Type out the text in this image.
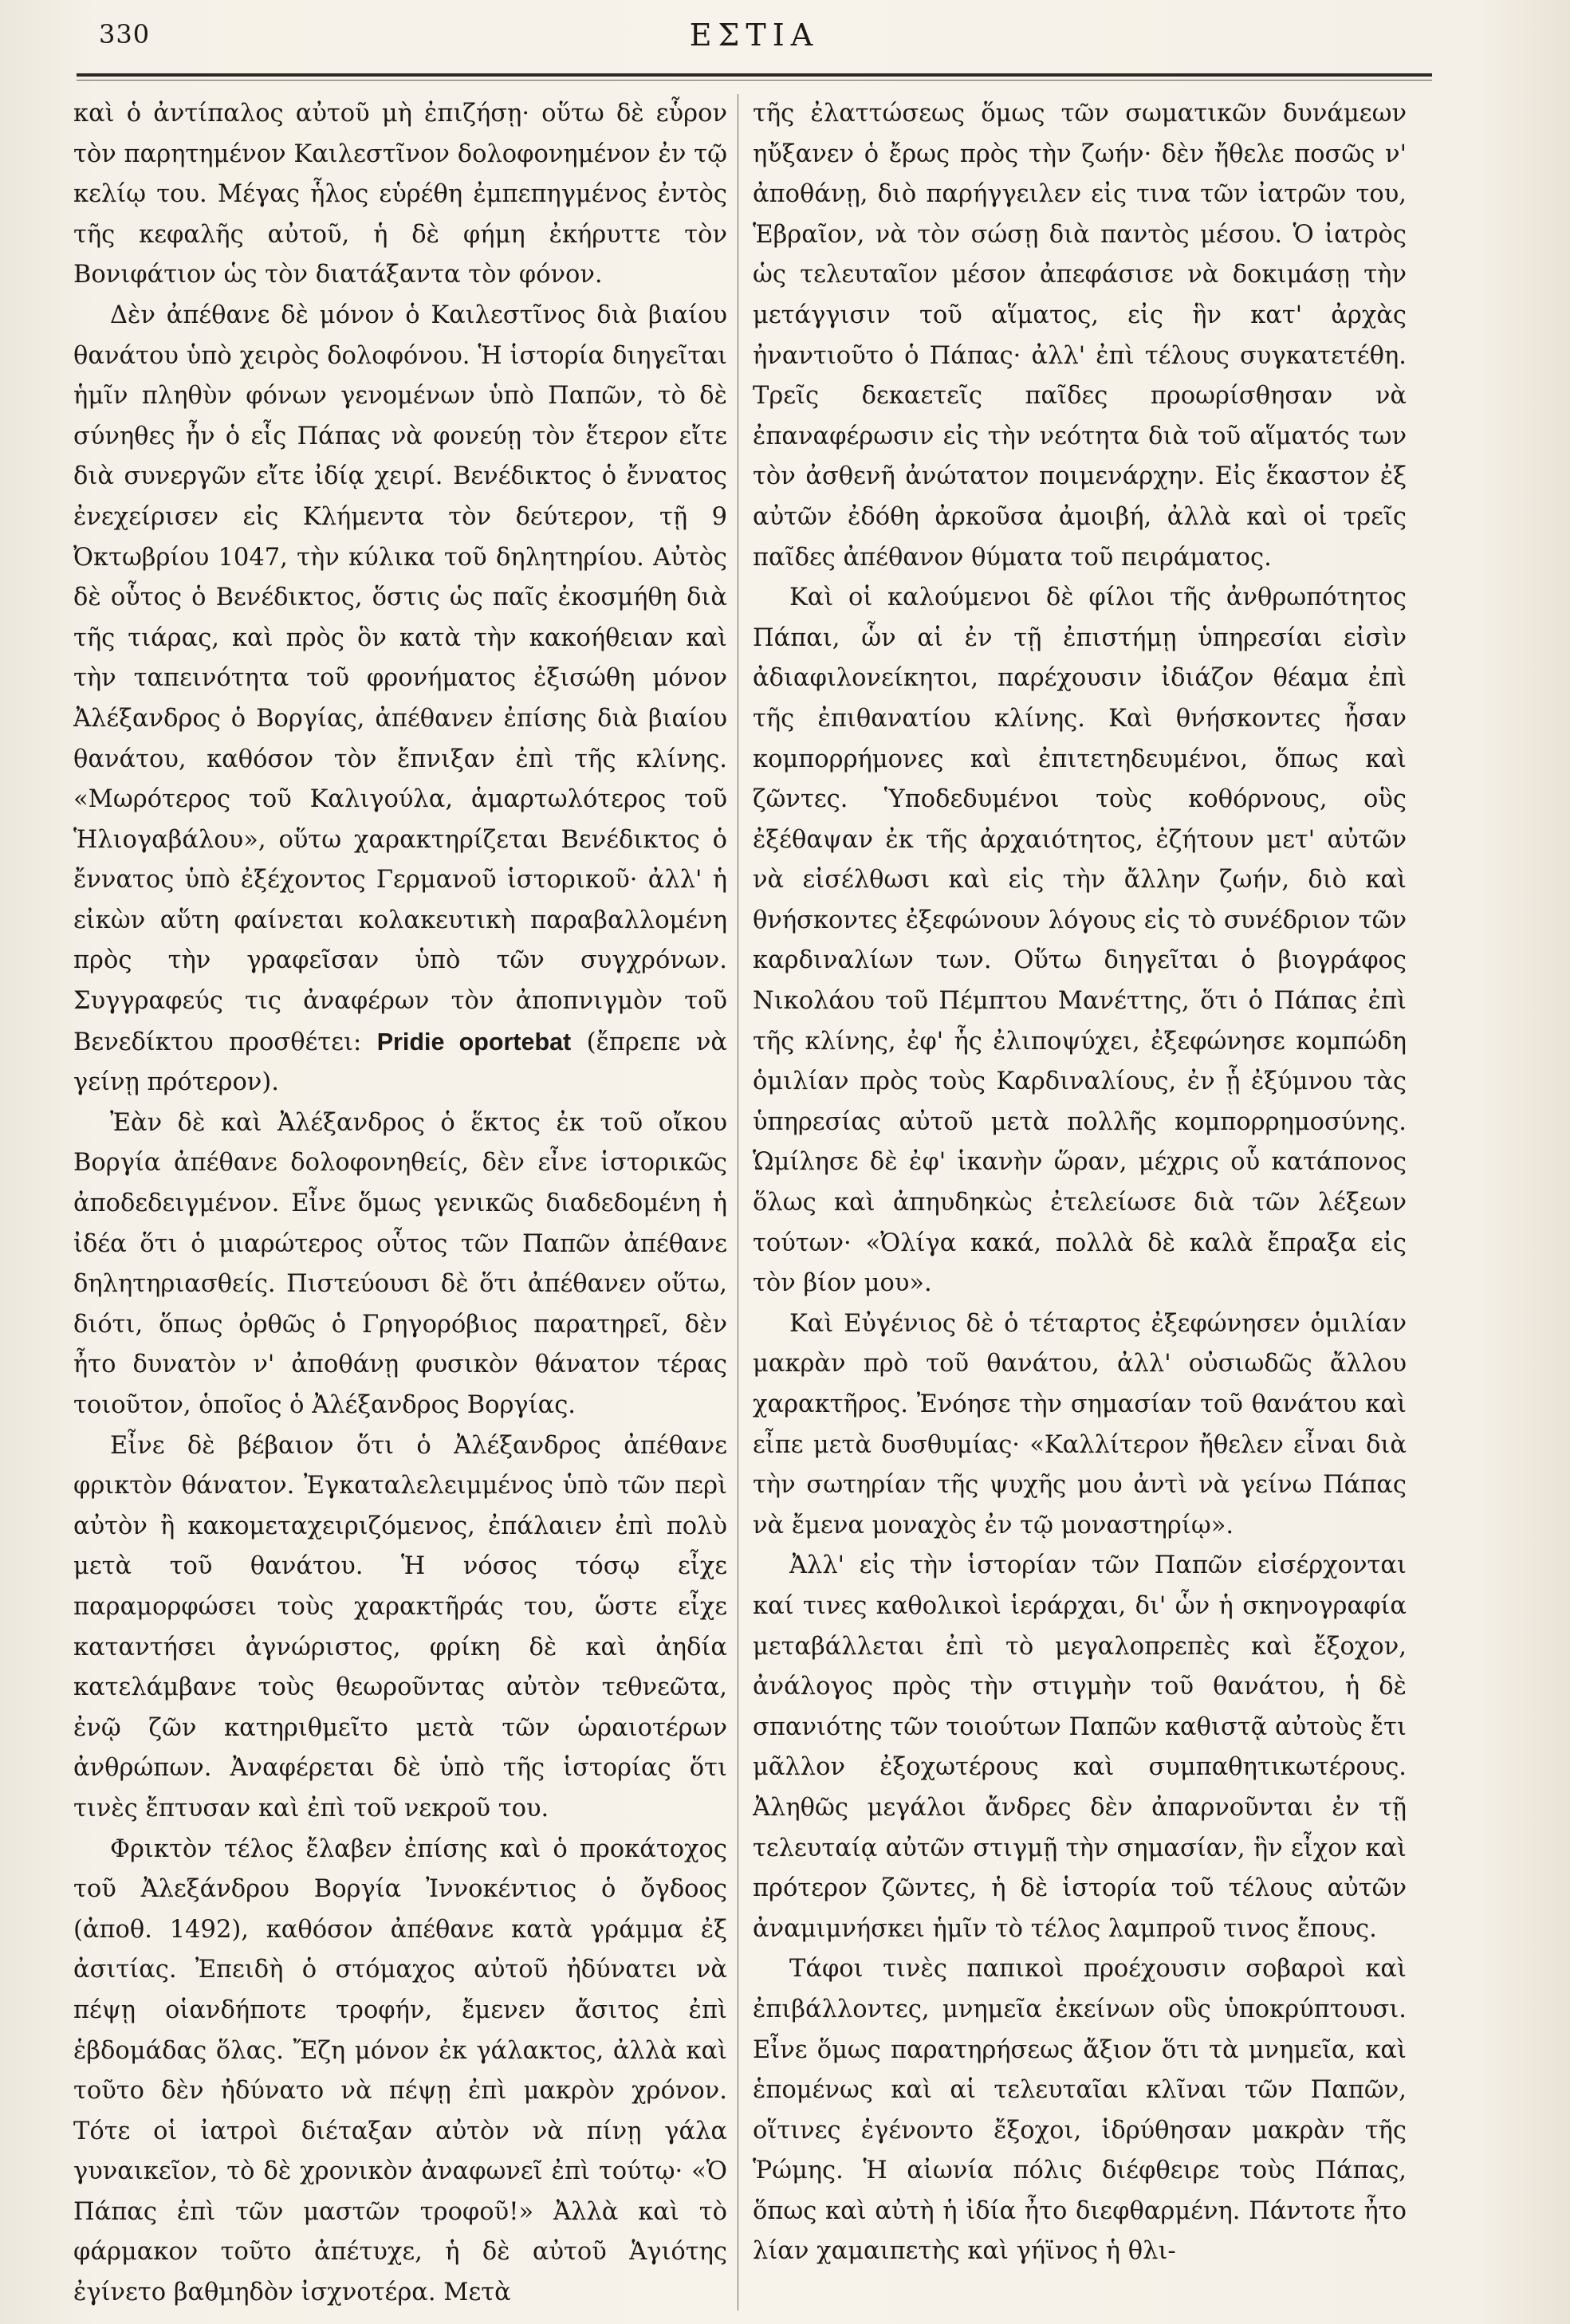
330	ΕΣΤΙΑ

καὶ ὁ ἀντίπαλος αὐτοῦ μὴ ἐπιζήσῃ· οὕτω δὲ εὗρον τὸν παρητημένον Καιλεστῖνον δολοφονημένον ἐν τῷ κελίῳ του. Μέγας ἧλος εὑρέθη ἐμπεπηγμένος ἐντὸς τῆς κεφαλῆς αὐτοῦ, ἡ δὲ φήμη ἐκήρυττε τὸν Βονιφάτιον ὡς τὸν διατάξαντα τὸν φόνον.

Δὲν ἀπέθανε δὲ μόνον ὁ Καιλεστῖνος διὰ βιαίου θανάτου ὑπὸ χειρὸς δολοφόνου. Ἡ ἱστορία διηγεῖται ἡμῖν πληθὺν φόνων γενομένων ὑπὸ Παπῶν, τὸ δὲ σύνηθες ἦν ὁ εἷς Πάπας νὰ φονεύῃ τὸν ἕτερον εἴτε διὰ συνεργῶν εἴτε ἰδίᾳ χειρί. Βενέδικτος ὁ ἔννατος ἐνεχείρισεν εἰς Κλήμεντα τὸν δεύτερον, τῇ 9 Ὀκτωβρίου 1047, τὴν κύλικα τοῦ δηλητηρίου. Αὐτὸς δὲ οὗτος ὁ Βενέδικτος, ὅστις ὡς παῖς ἐκοσμήθη διὰ τῆς τιάρας, καὶ πρὸς ὃν κατὰ τὴν κακοήθειαν καὶ τὴν ταπεινότητα τοῦ φρονήματος ἐξισώθη μόνον Ἀλέξανδρος ὁ Βοργίας, ἀπέθανεν ἐπίσης διὰ βιαίου θανάτου, καθόσον τὸν ἔπνιξαν ἐπὶ τῆς κλίνης. «Μωρότερος τοῦ Καλιγούλα, ἁμαρτωλότερος τοῦ Ἡλιογαβάλου», οὕτω χαρακτηρίζεται Βενέδικτος ὁ ἔννατος ὑπὸ ἐξέχοντος Γερμανοῦ ἱστορικοῦ· ἀλλ' ἡ εἰκὼν αὕτη φαίνεται κολακευτικὴ παραβαλλομένη πρὸς τὴν γραφεῖσαν ὑπὸ τῶν συγχρόνων. Συγγραφεύς τις ἀναφέρων τὸν ἀποπνιγμὸν τοῦ Βενεδίκτου προσθέτει: Pridie oportebat (ἔπρεπε νὰ γείνῃ πρότερον).

Ἐὰν δὲ καὶ Ἀλέξανδρος ὁ ἕκτος ἐκ τοῦ οἴκου Βοργία ἀπέθανε δολοφονηθείς, δὲν εἶνε ἱστορικῶς ἀποδεδειγμένον. Εἶνε ὅμως γενικῶς διαδεδομένη ἡ ἰδέα ὅτι ὁ μιαρώτερος οὗτος τῶν Παπῶν ἀπέθανε δηλητηριασθείς. Πιστεύουσι δὲ ὅτι ἀπέθανεν οὕτω, διότι, ὅπως ὀρθῶς ὁ Γρηγορόβιος παρατηρεῖ, δὲν ἦτο δυνατὸν ν' ἀποθάνῃ φυσικὸν θάνατον τέρας τοιοῦτον, ὁποῖος ὁ Ἀλέξανδρος Βοργίας.

Εἶνε δὲ βέβαιον ὅτι ὁ Ἀλέξανδρος ἀπέθανε φρικτὸν θάνατον. Ἐγκαταλελειμμένος ὑπὸ τῶν περὶ αὐτὸν ἢ κακομεταχειριζόμενος, ἐπάλαιεν ἐπὶ πολὺ μετὰ τοῦ θανάτου. Ἡ νόσος τόσῳ εἶχε παραμορφώσει τοὺς χαρακτῆράς του, ὥστε εἶχε καταντήσει ἀγνώριστος, φρίκη δὲ καὶ ἀηδία κατελάμβανε τοὺς θεωροῦντας αὐτὸν τεθνεῶτα, ἐνῷ ζῶν κατηριθμεῖτο μετὰ τῶν ὡραιοτέρων ἀνθρώπων. Ἀναφέρεται δὲ ὑπὸ τῆς ἱστορίας ὅτι τινὲς ἔπτυσαν καὶ ἐπὶ τοῦ νεκροῦ του.

Φρικτὸν τέλος ἔλαβεν ἐπίσης καὶ ὁ προκάτοχος τοῦ Ἀλεξάνδρου Βοργία Ἰννοκέντιος ὁ ὄγδοος (ἀποθ. 1492), καθόσον ἀπέθανε κατὰ γράμμα ἐξ ἀσιτίας. Ἐπειδὴ ὁ στόμαχος αὐτοῦ ἠδύνατει νὰ πέψῃ οἱανδήποτε τροφήν, ἔμενεν ἄσιτος ἐπὶ ἑβδομάδας ὅλας. Ἔζη μόνον ἐκ γάλακτος, ἀλλὰ καὶ τοῦτο δὲν ἠδύνατο νὰ πέψῃ ἐπὶ μακρὸν χρόνον. Τότε οἱ ἰατροὶ διέταξαν αὐτὸν νὰ πίνῃ γάλα γυναικεῖον, τὸ δὲ χρονικὸν ἀναφωνεῖ ἐπὶ τούτῳ· «Ὁ Πάπας ἐπὶ τῶν μαστῶν τροφοῦ!» Ἀλλὰ καὶ τὸ φάρμακον τοῦτο ἀπέτυχε, ἡ δὲ αὐτοῦ Ἁγιότης ἐγίνετο βαθμηδὸν ἰσχνοτέρα. Μετὰ

τῆς ἐλαττώσεως ὅμως τῶν σωματικῶν δυνάμεων ηὔξανεν ὁ ἔρως πρὸς τὴν ζωήν· δὲν ἤθελε ποσῶς ν' ἀποθάνῃ, διὸ παρήγγειλεν εἰς τινα τῶν ἰατρῶν του, Ἑβραῖον, νὰ τὸν σώσῃ διὰ παντὸς μέσου. Ὁ ἰατρὸς ὡς τελευταῖον μέσον ἀπεφάσισε νὰ δοκιμάσῃ τὴν μετάγγισιν τοῦ αἵματος, εἰς ἣν κατ' ἀρχὰς ἠναντιοῦτο ὁ Πάπας· ἀλλ' ἐπὶ τέλους συγκατετέθη. Τρεῖς δεκαετεῖς παῖδες προωρίσθησαν νὰ ἐπαναφέρωσιν εἰς τὴν νεότητα διὰ τοῦ αἵματός των τὸν ἀσθενῆ ἀνώτατον ποιμενάρχην. Εἰς ἕκαστον ἐξ αὐτῶν ἐδόθη ἀρκοῦσα ἀμοιβή, ἀλλὰ καὶ οἱ τρεῖς παῖδες ἀπέθανον θύματα τοῦ πειράματος.

Καὶ οἱ καλούμενοι δὲ φίλοι τῆς ἀνθρωπότητος Πάπαι, ὧν αἱ ἐν τῇ ἐπιστήμῃ ὑπηρεσίαι εἰσὶν ἀδιαφιλονείκητοι, παρέχουσιν ἰδιάζον θέαμα ἐπὶ τῆς ἐπιθανατίου κλίνης. Καὶ θνήσκοντες ἦσαν κομπορρήμονες καὶ ἐπιτετηδευμένοι, ὅπως καὶ ζῶντες. Ὑποδεδυμένοι τοὺς κοθόρνους, οὓς ἐξέθαψαν ἐκ τῆς ἀρχαιότητος, ἐζήτουν μετ' αὐτῶν νὰ εἰσέλθωσι καὶ εἰς τὴν ἄλλην ζωήν, διὸ καὶ θνήσκοντες ἐξεφώνουν λόγους εἰς τὸ συνέδριον τῶν καρδιναλίων των. Οὕτω διηγεῖται ὁ βιογράφος Νικολάου τοῦ Πέμπτου Μανέττης, ὅτι ὁ Πάπας ἐπὶ τῆς κλίνης, ἐφ' ἧς ἐλιποψύχει, ἐξεφώνησε κομπώδη ὁμιλίαν πρὸς τοὺς Καρδιναλίους, ἐν ᾗ ἐξύμνου τὰς ὑπηρεσίας αὐτοῦ μετὰ πολλῆς κομπορρημοσύνης. Ὡμίλησε δὲ ἐφ' ἱκανὴν ὥραν, μέχρις οὗ κατάπονος ὅλως καὶ ἀπηυδηκὼς ἐτελείωσε διὰ τῶν λέξεων τούτων· «Ὀλίγα κακά, πολλὰ δὲ καλὰ ἔπραξα εἰς τὸν βίον μου».

Καὶ Εὐγένιος δὲ ὁ τέταρτος ἐξεφώνησεν ὁμιλίαν μακρὰν πρὸ τοῦ θανάτου, ἀλλ' οὐσιωδῶς ἄλλου χαρακτῆρος. Ἐνόησε τὴν σημασίαν τοῦ θανάτου καὶ εἶπε μετὰ δυσθυμίας· «Καλλίτερον ἤθελεν εἶναι διὰ τὴν σωτηρίαν τῆς ψυχῆς μου ἀντὶ νὰ γείνω Πάπας νὰ ἔμενα μοναχὸς ἐν τῷ μοναστηρίῳ».

Ἀλλ' εἰς τὴν ἱστορίαν τῶν Παπῶν εἰσέρχονται καί τινες καθολικοὶ ἱεράρχαι, δι' ὧν ἡ σκηνογραφία μεταβάλλεται ἐπὶ τὸ μεγαλοπρεπὲς καὶ ἔξοχον, ἀνάλογος πρὸς τὴν στιγμὴν τοῦ θανάτου, ἡ δὲ σπανιότης τῶν τοιούτων Παπῶν καθιστᾷ αὐτοὺς ἔτι μᾶλλον ἐξοχωτέρους καὶ συμπαθητικωτέρους. Ἀληθῶς μεγάλοι ἄνδρες δὲν ἀπαρνοῦνται ἐν τῇ τελευταίᾳ αὐτῶν στιγμῇ τὴν σημασίαν, ἣν εἶχον καὶ πρότερον ζῶντες, ἡ δὲ ἱστορία τοῦ τέλους αὐτῶν ἀναμιμνήσκει ἡμῖν τὸ τέλος λαμπροῦ τινος ἔπους.

Τάφοι τινὲς παπικοὶ προέχουσιν σοβαροὶ καὶ ἐπιβάλλοντες, μνημεῖα ἐκείνων οὓς ὑποκρύπτουσι. Εἶνε ὅμως παρατηρήσεως ἄξιον ὅτι τὰ μνημεῖα, καὶ ἑπομένως καὶ αἱ τελευταῖαι κλῖναι τῶν Παπῶν, οἵτινες ἐγένοντο ἔξοχοι, ἱδρύθησαν μακρὰν τῆς Ῥώμης. Ἡ αἰωνία πόλις διέφθειρε τοὺς Πάπας, ὅπως καὶ αὐτὴ ἡ ἰδία ἦτο διεφθαρμένη. Πάντοτε ἦτο λίαν χαμαιπετὴς καὶ γήϊνος ἡ θλι-
